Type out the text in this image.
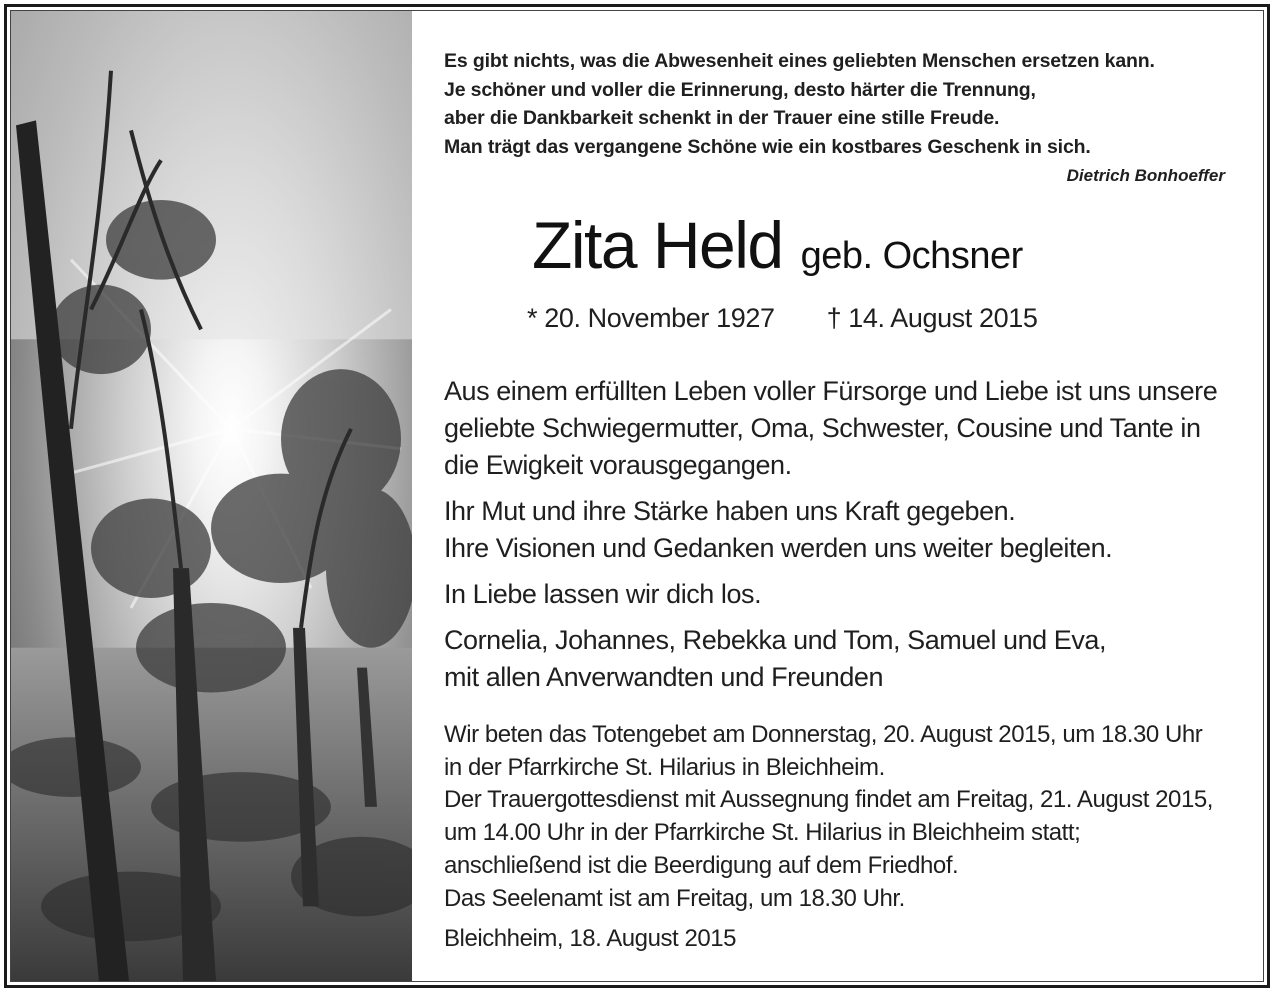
Es gibt nichts, was die Abwesenheit eines geliebten Menschen ersetzen kann.
Je schöner und voller die Erinnerung, desto härter die Trennung,
aber die Dankbarkeit schenkt in der Trauer eine stille Freude.
Man trägt das vergangene Schöne wie ein kostbares Geschenk in sich.
Dietrich Bonhoeffer
Zita Held geb. Ochsner
* 20. November 1927 † 14. August 2015

Aus einem erfüllten Leben voller Fürsorge und Liebe ist uns unsere
geliebte Schwiegermutter, Oma, Schwester, Cousine und Tante in
die Ewigkeit vorausgegangen.

Ihr Mut und ihre Stärke haben uns Kraft gegeben.
Ihre Visionen und Gedanken werden uns weiter begleiten.

In Liebe lassen wir dich los.

Cornelia, Johannes, Rebekka und Tom, Samuel und Eva,
mit allen Anverwandten und Freunden

Wir beten das Totengebet am Donnerstag, 20. August 2015, um 18.30 Uhr
in der Pfarrkirche St. Hilarius in Bleichheim.
Der Trauergottesdienst mit Aussegnung findet am Freitag, 21. August 2015,
um 14.00 Uhr in der Pfarrkirche St. Hilarius in Bleichheim statt;
anschließend ist die Beerdigung auf dem Friedhof.
Das Seelenamt ist am Freitag, um 18.30 Uhr.
Bleichheim, 18. August 2015
